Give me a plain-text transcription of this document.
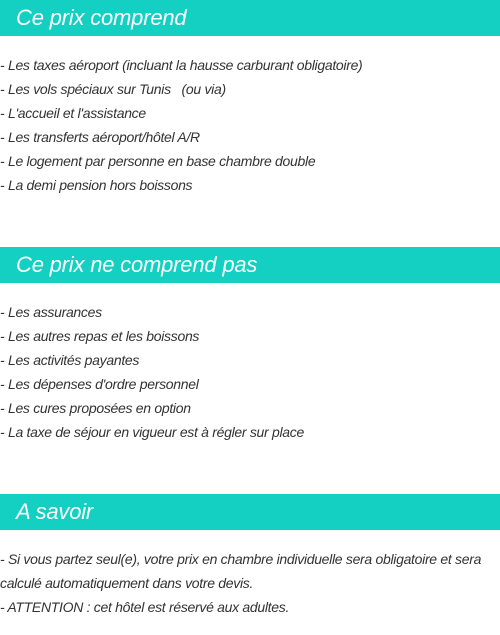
Ce prix comprend
- Les taxes aéroport (incluant la hausse carburant obligatoire)
- Les vols spéciaux sur Tunis   (ou via)
- L'accueil et l'assistance
- Les transferts aéroport/hôtel A/R
- Le logement par personne en base chambre double
- La demi pension hors boissons
Ce prix ne comprend pas
- Les assurances
- Les autres repas et les boissons
- Les activités payantes
- Les dépenses d'ordre personnel
- Les cures proposées en option
- La taxe de séjour en vigueur est à régler sur place
A savoir
- Si vous partez seul(e), votre prix en chambre individuelle sera obligatoire et sera calculé automatiquement dans votre devis.
- ATTENTION : cet hôtel est réservé aux adultes.
